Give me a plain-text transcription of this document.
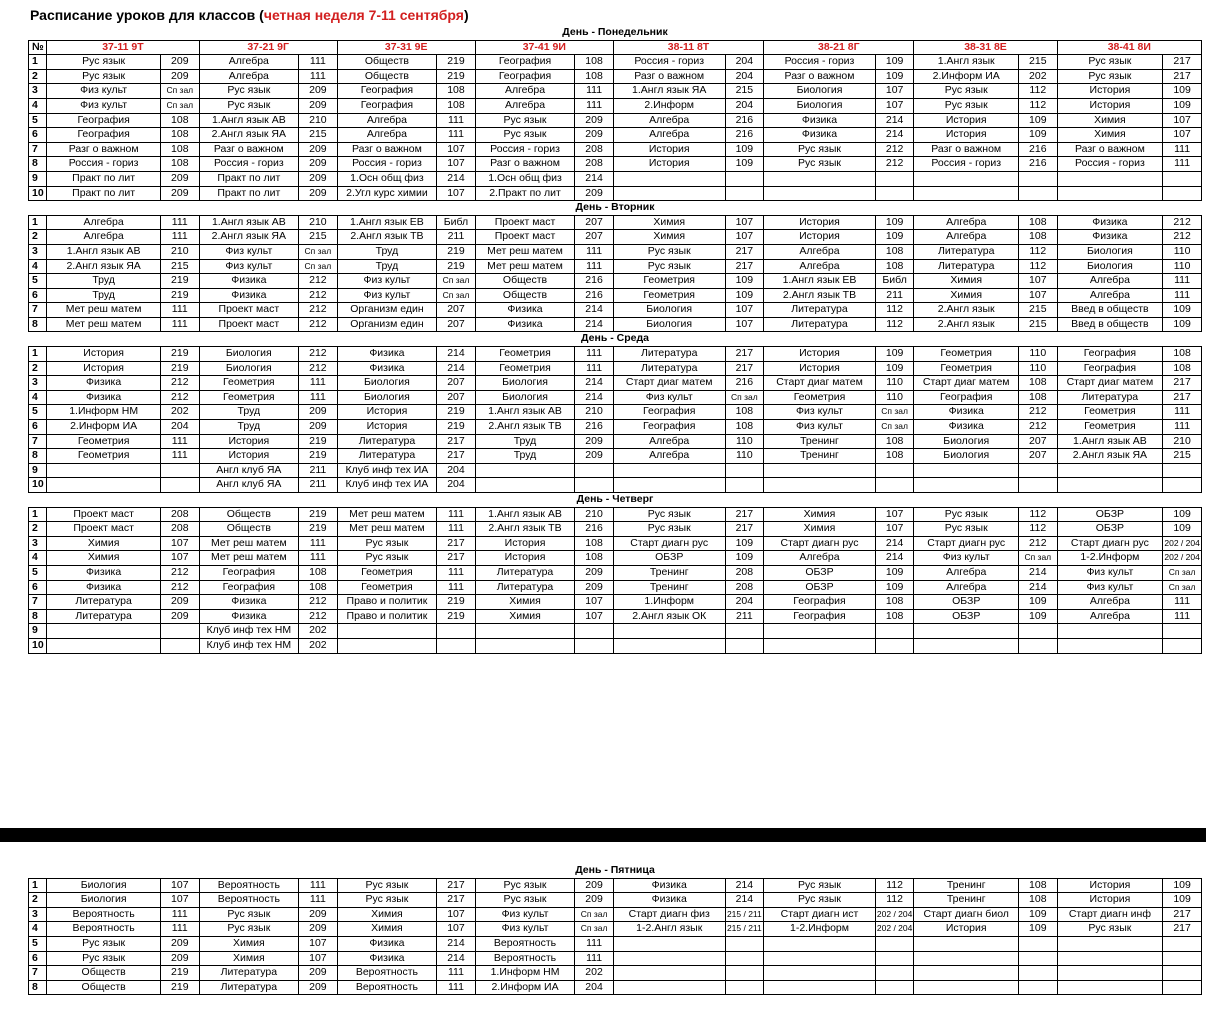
Расписание уроков для классов (четная неделя 7-11 сентября)
День - Понедельник																
№	37-11 9Т		37-21 9Г		37-31 9Е		37-41 9И		38-11 8Т		38-21 8Г		38-31 8Е		38-41 8И	
1	Рус язык	209	Алгебра	111	Обществ	219	География	108	Россия - гориз	204	Россия - гориз	109	1.Англ язык	215	Рус язык	217
2	Рус язык	209	Алгебра	111	Обществ	219	География	108	Разг о важном	204	Разг о важном	109	2.Информ ИА	202	Рус язык	217
3	Физ культ	Сп зал	Рус язык	209	География	108	Алгебра	111	1.Англ язык ЯА	215	Биология	107	Рус язык	112	История	109
4	Физ культ	Сп зал	Рус язык	209	География	108	Алгебра	111	2.Информ	204	Биология	107	Рус язык	112	История	109
5	География	108	1.Англ язык АВ	210	Алгебра	111	Рус язык	209	Алгебра	216	Физика	214	История	109	Химия	107
6	География	108	2.Англ язык ЯА	215	Алгебра	111	Рус язык	209	Алгебра	216	Физика	214	История	109	Химия	107
7	Разг о важном	108	Разг о важном	209	Разг о важном	107	Россия - гориз	208	История	109	Рус язык	212	Разг о важном	216	Разг о важном	111
8	Россия - гориз	108	Россия - гориз	209	Россия - гориз	107	Разг о важном	208	История	109	Рус язык	212	Россия - гориз	216	Россия - гориз	111
9	Практ по лит	209	Практ по лит	209	1.Осн общ физ	214	1.Осн общ физ	214								
10	Практ по лит	209	Практ по лит	209	2.Угл курс химии	107	2.Практ по лит	209								
День - Вторник																
1	Алгебра	111	1.Англ язык АВ	210	1.Англ язык ЕВ	Библ	Проект маст	207	Химия	107	История	109	Алгебра	108	Физика	212
2	Алгебра	111	2.Англ язык ЯА	215	2.Англ язык ТВ	211	Проект маст	207	Химия	107	История	109	Алгебра	108	Физика	212
3	1.Англ язык АВ	210	Физ культ	Сп зал	Труд	219	Мет реш матем	111	Рус язык	217	Алгебра	108	Литература	112	Биология	110
4	2.Англ язык ЯА	215	Физ культ	Сп зал	Труд	219	Мет реш матем	111	Рус язык	217	Алгебра	108	Литература	112	Биология	110
5	Труд	219	Физика	212	Физ культ	Сп зал	Обществ	216	Геометрия	109	1.Англ язык ЕВ	Библ	Химия	107	Алгебра	111
6	Труд	219	Физика	212	Физ культ	Сп зал	Обществ	216	Геометрия	109	2.Англ язык ТВ	211	Химия	107	Алгебра	111
7	Мет реш матем	111	Проект маст	212	Организм един	207	Физика	214	Биология	107	Литература	112	2.Англ язык	215	Введ в обществ	109
8	Мет реш матем	111	Проект маст	212	Организм един	207	Физика	214	Биология	107	Литература	112	2.Англ язык	215	Введ в обществ	109
День - Среда																
1	История	219	Биология	212	Физика	214	Геометрия	111	Литература	217	История	109	Геометрия	110	География	108
2	История	219	Биология	212	Физика	214	Геометрия	111	Литература	217	История	109	Геометрия	110	География	108
3	Физика	212	Геометрия	111	Биология	207	Биология	214	Старт диаг матем	216	Старт диаг матем	110	Старт диаг матем	108	Старт диаг матем	217
4	Физика	212	Геометрия	111	Биология	207	Биология	214	Физ культ	Сп зал	Геометрия	110	География	108	Литература	217
5	1.Информ НМ	202	Труд	209	История	219	1.Англ язык АВ	210	География	108	Физ культ	Сп зал	Физика	212	Геометрия	111
6	2.Информ ИА	204	Труд	209	История	219	2.Англ язык ТВ	216	География	108	Физ культ	Сп зал	Физика	212	Геометрия	111
7	Геометрия	111	История	219	Литература	217	Труд	209	Алгебра	110	Тренинг	108	Биология	207	1.Англ язык АВ	210
8	Геометрия	111	История	219	Литература	217	Труд	209	Алгебра	110	Тренинг	108	Биология	207	2.Англ язык ЯА	215
9			Англ клуб ЯА	211	Клуб инф тех ИА	204										
10			Англ клуб ЯА	211	Клуб инф тех ИА	204										
День - Четверг																
1	Проект маст	208	Обществ	219	Мет реш матем	111	1.Англ язык АВ	210	Рус язык	217	Химия	107	Рус язык	112	ОБЗР	109
2	Проект маст	208	Обществ	219	Мет реш матем	111	2.Англ язык ТВ	216	Рус язык	217	Химия	107	Рус язык	112	ОБЗР	109
3	Химия	107	Мет реш матем	111	Рус язык	217	История	108	Старт диагн рус	109	Старт диагн рус	214	Старт диагн рус	212	Старт диагн рус	202 / 204
4	Химия	107	Мет реш матем	111	Рус язык	217	История	108	ОБЗР	109	Алгебра	214	Физ культ	Сп зал	1-2.Информ	202 / 204
5	Физика	212	География	108	Геометрия	111	Литература	209	Тренинг	208	ОБЗР	109	Алгебра	214	Физ культ	Сп зал
6	Физика	212	География	108	Геометрия	111	Литература	209	Тренинг	208	ОБЗР	109	Алгебра	214	Физ культ	Сп зал
7	Литература	209	Физика	212	Право и политик	219	Химия	107	1.Информ	204	География	108	ОБЗР	109	Алгебра	111
8	Литература	209	Физика	212	Право и политик	219	Химия	107	2.Англ язык ОК	211	География	108	ОБЗР	109	Алгебра	111
9			Клуб инф тех НМ	202												
10			Клуб инф тех НМ	202												
День - Пятница																
1	Биология	107	Вероятность	111	Рус язык	217	Рус язык	209	Физика	214	Рус язык	112	Тренинг	108	История	109
2	Биология	107	Вероятность	111	Рус язык	217	Рус язык	209	Физика	214	Рус язык	112	Тренинг	108	История	109
3	Вероятность	111	Рус язык	209	Химия	107	Физ культ	Сп зал	Старт диагн физ	215 / 211	Старт диагн ист	202 / 204	Старт диагн биол	109	Старт диагн инф	217
4	Вероятность	111	Рус язык	209	Химия	107	Физ культ	Сп зал	1-2.Англ язык	215 / 211	1-2.Информ	202 / 204	История	109	Рус язык	217
5	Рус язык	209	Химия	107	Физика	214	Вероятность	111								
6	Рус язык	209	Химия	107	Физика	214	Вероятность	111								
7	Обществ	219	Литература	209	Вероятность	111	1.Информ НМ	202								
8	Обществ	219	Литература	209	Вероятность	111	2.Информ ИА	204								
